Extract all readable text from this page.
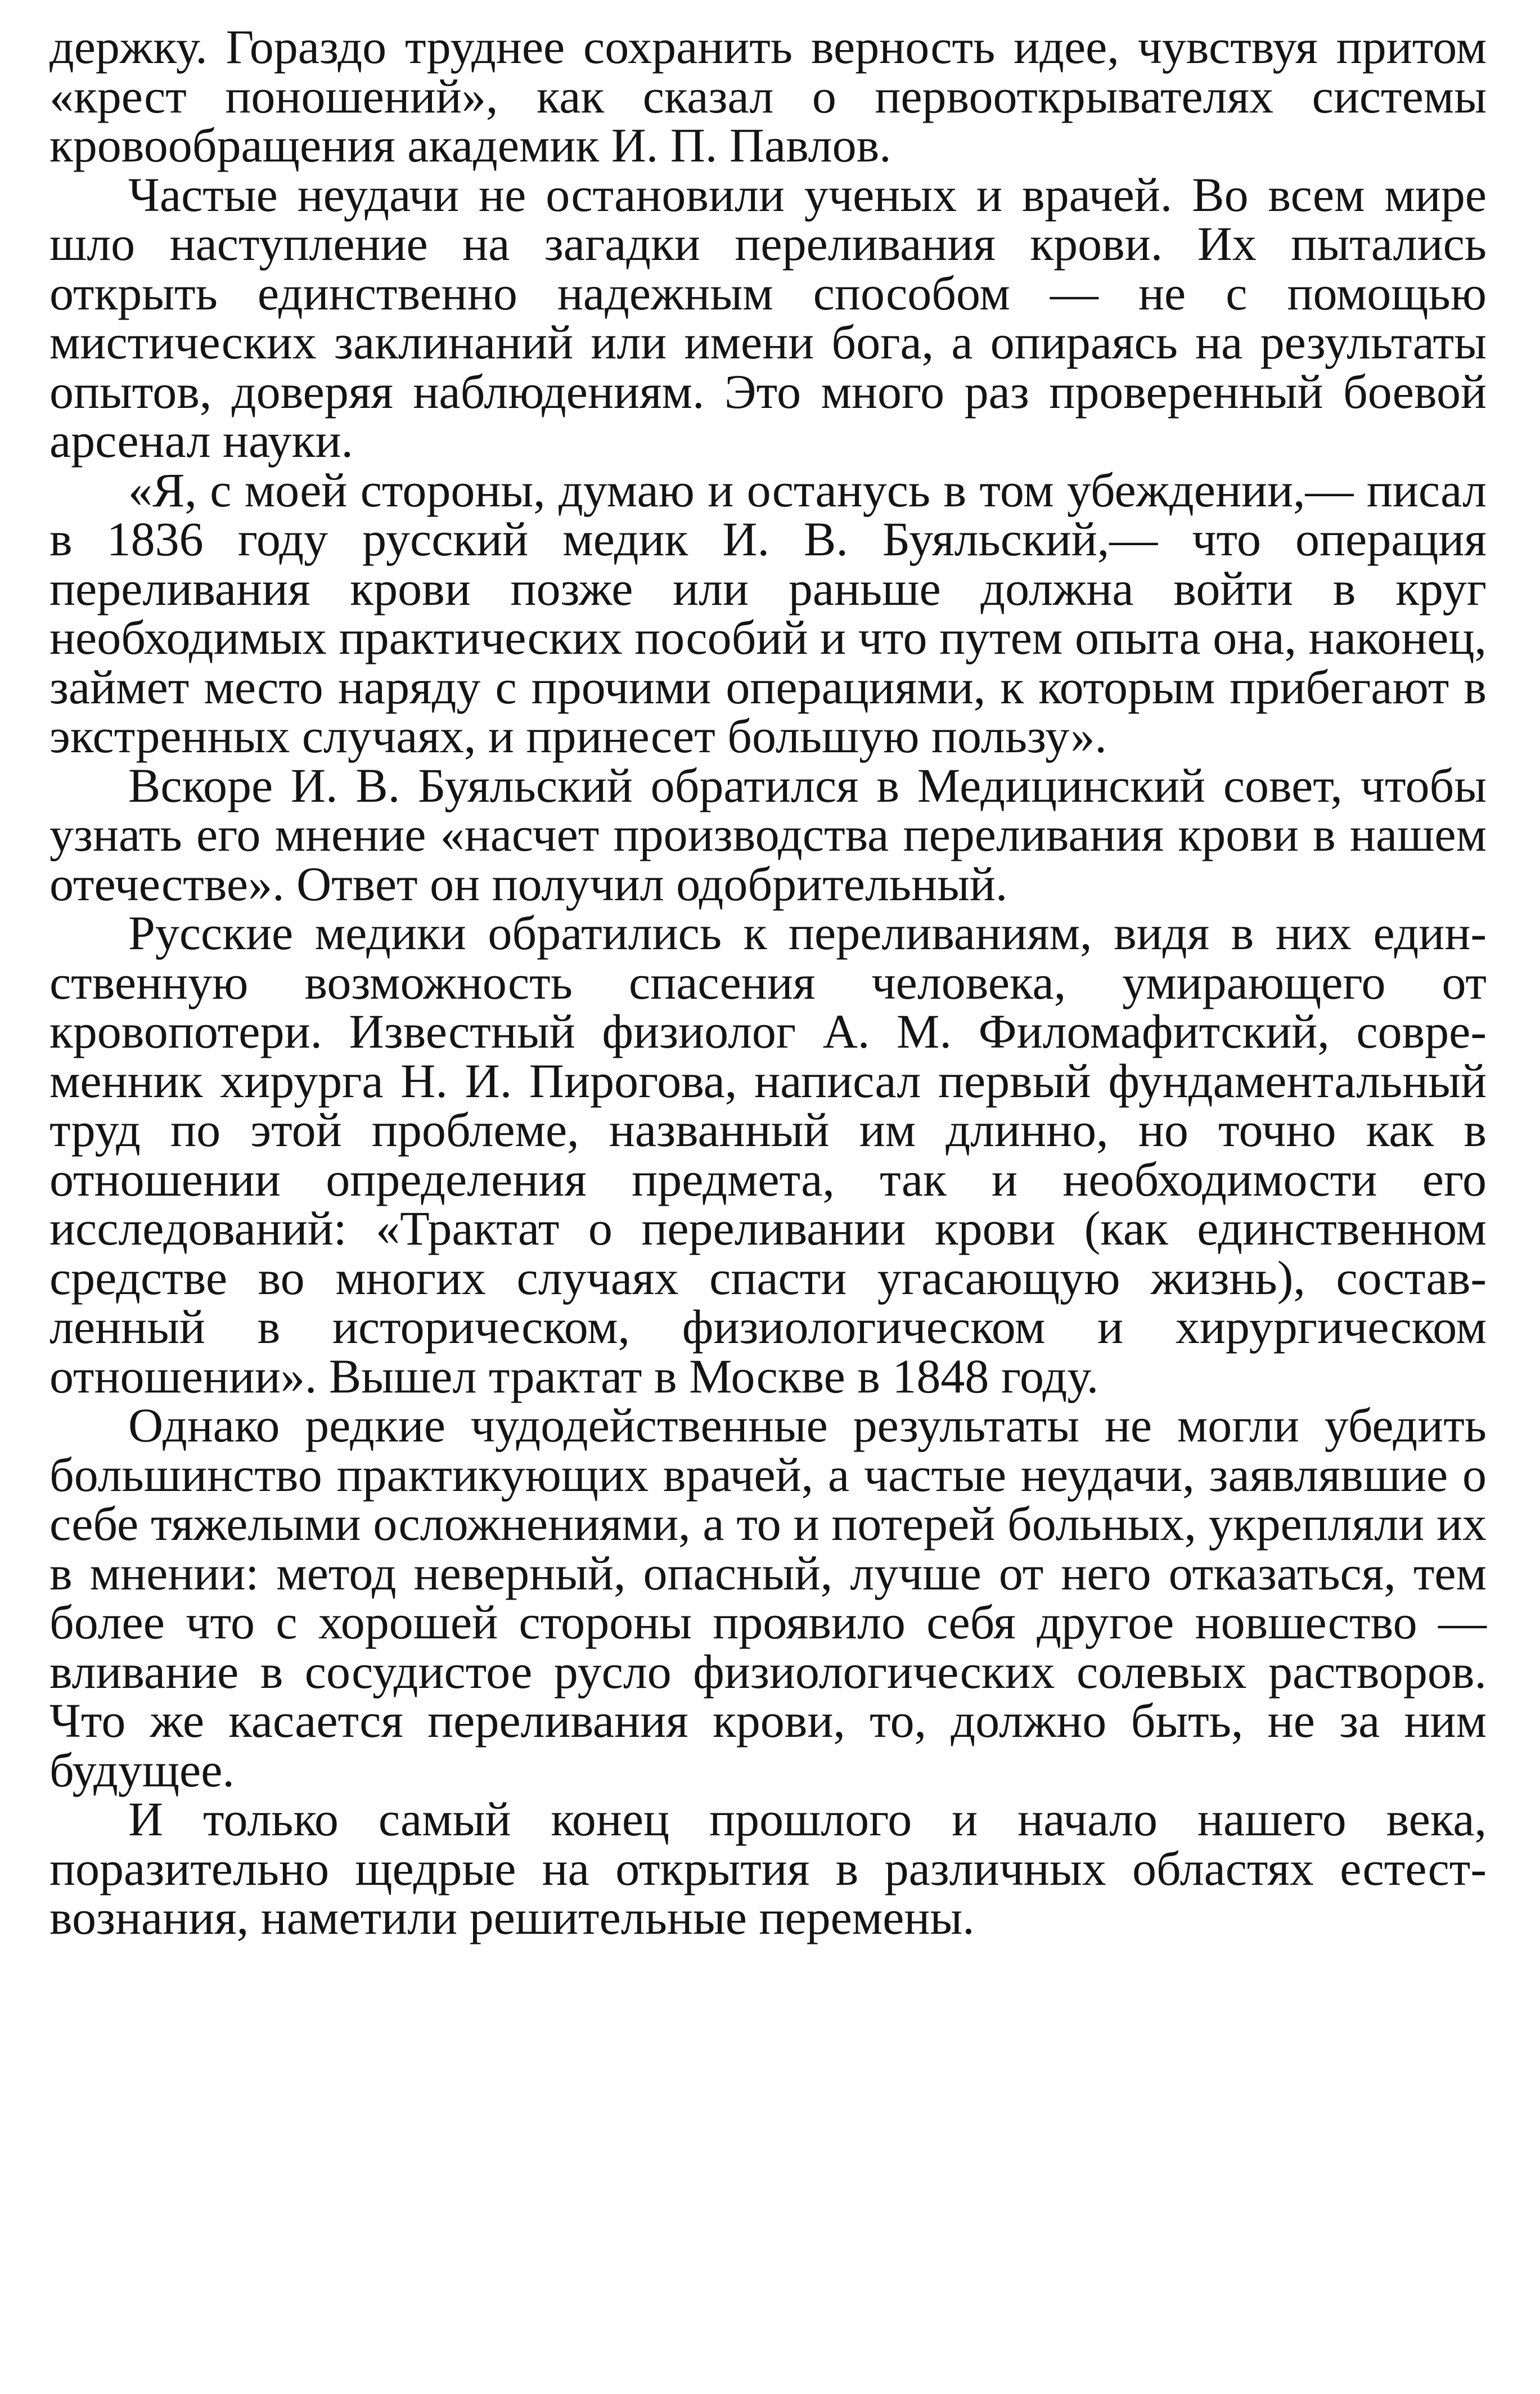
держку. Гораздо труднее сохранить верность идее, чувствуя притом «крест поношений», как сказал о первооткрывателях системы кровообращения академик И. П. Павлов.

Частые неудачи не остановили ученых и врачей. Во всем мире шло наступление на загадки переливания крови. Их пытались открыть единственно надежным способом — не с помощью мистических заклинаний или имени бога, а опираясь на результаты опытов, доверяя наблюдениям. Это много раз проверенный боевой арсенал науки.

«Я, с моей стороны, думаю и останусь в том убеждении,— писал в 1836 году русский медик И. В. Буяльский,— что операция переливания крови позже или раньше должна войти в круг необходимых практических пособий и что путем опыта она, наконец, займет место наряду с прочими операциями, к которым прибегают в экстренных случаях, и принесет большую пользу».

Вскоре И. В. Буяльский обратился в Медицинский совет, чтобы узнать его мнение «насчет производства переливания крови в нашем отечестве». Ответ он получил одобрительный.

Русские медики обратились к переливаниям, видя в них единственную возможность спасения человека, умирающего от кровопотери. Известный физиолог А. М. Филомафитский, современник хирурга Н. И. Пирогова, написал первый фундаментальный труд по этой проблеме, названный им длинно, но точно как в отношении определения предмета, так и необходимости его исследований: «Трактат о переливании крови (как единственном средстве во многих случаях спасти угасающую жизнь), составленный в историческом, физиологическом и хирургическом отношении». Вышел трактат в Москве в 1848 году.

Однако редкие чудодейственные результаты не могли убедить большинство практикующих врачей, а частые неудачи, заявлявшие о себе тяжелыми осложнениями, а то и потерей больных, укрепляли их в мнении: метод неверный, опасный, лучше от него отказаться, тем более что с хорошей стороны проявило себя другое новшество — вливание в сосудистое русло физиологических солевых растворов. Что же касается переливания крови, то, должно быть, не за ним будущее.

И только самый конец прошлого и начало нашего века, поразительно щедрые на открытия в различных областях естествознания, наметили решительные перемены.
